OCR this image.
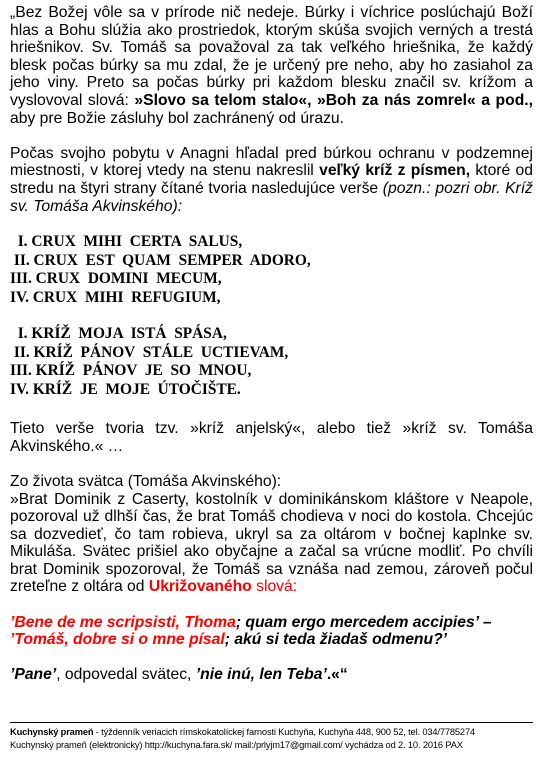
„Bez Božej vôle sa v prírode nič nedeje. Búrky i víchrice poslúchajú Boží hlas a Bohu slúžia ako prostriedok, ktorým skúša svojich verných a trestá hriešnikov. Sv. Tomáš sa považoval za tak veľkého hriešnika, že každý blesk počas búrky sa mu zdal, že je určený pre neho, aby ho zasiahol za jeho viny. Preto sa počas búrky pri každom blesku značil sv. krížom a vyslovoval slová: »Slovo sa telom stalo«, »Boh za nás zomrel« a pod., aby pre Božie zásluhy bol zachránený od úrazu.

Počas svojho pobytu v Anagni hľadal pred búrkou ochranu v podzemnej miestnosti, v ktorej vtedy na stenu nakreslil veľký kríž z písmen, ktoré od stredu na štyri strany čítané tvoria nasledujúce verše (pozn.: pozri obr. Kríž sv. Tomáša Akvinského):

I. CRUX  MIHI  CERTA  SALUS,
II. CRUX  EST  QUAM  SEMPER  ADORO,
III. CRUX  DOMINI  MECUM,
IV. CRUX  MIHI  REFUGIUM,
I. KRÍŽ  MOJA  ISTÁ  SPÁSA,
II. KRÍŽ  PÁNOV  STÁLE  UCTIEVAM,
III. KRÍŽ  PÁNOV  JE  SO  MNOU,
IV. KRÍŽ  JE  MOJE  ÚTOČIŠTE.

Tieto verše tvoria tzv. »kríž anjelský«, alebo tiež »kríž sv. Tomáša Akvinského.« …

Zo života svätca (Tomáša Akvinského):

»Brat Dominik z Caserty, kostolník v dominikánskom kláštore v Neapole, pozoroval už dlhší čas, že brat Tomáš chodieva v noci do kostola. Chcejúc sa dozvedieť, čo tam robieva, ukryl sa za oltárom v bočnej kaplnke sv. Mikuláša. Svätec prišiel ako obyčajne a začal sa vrúcne modliť. Po chvíli brat Dominik spozoroval, že Tomáš sa vznáša nad zemou, zároveň počul zreteľne z oltára od Ukrižovaného slová:

’Bene de me scripsisti, Thoma; quam ergo mercedem accipies’ –
’Tomáš, dobre si o mne písal; akú si teda žiadaš odmenu?’

’Pane’, odpovedal svätec, ’nie inú, len Teba’.«“

Kuchynský prameň - týždenník veriacich rímskokatolíckej farnosti Kuchyňa, Kuchyňa 448, 900 52, tel. 034/7785274
Kuchynský prameň (elektronicky) http://kuchyna.fara.sk/ mail:/prlyjm17@gmail.com/ vychádza od 2. 10. 2016 PAX
